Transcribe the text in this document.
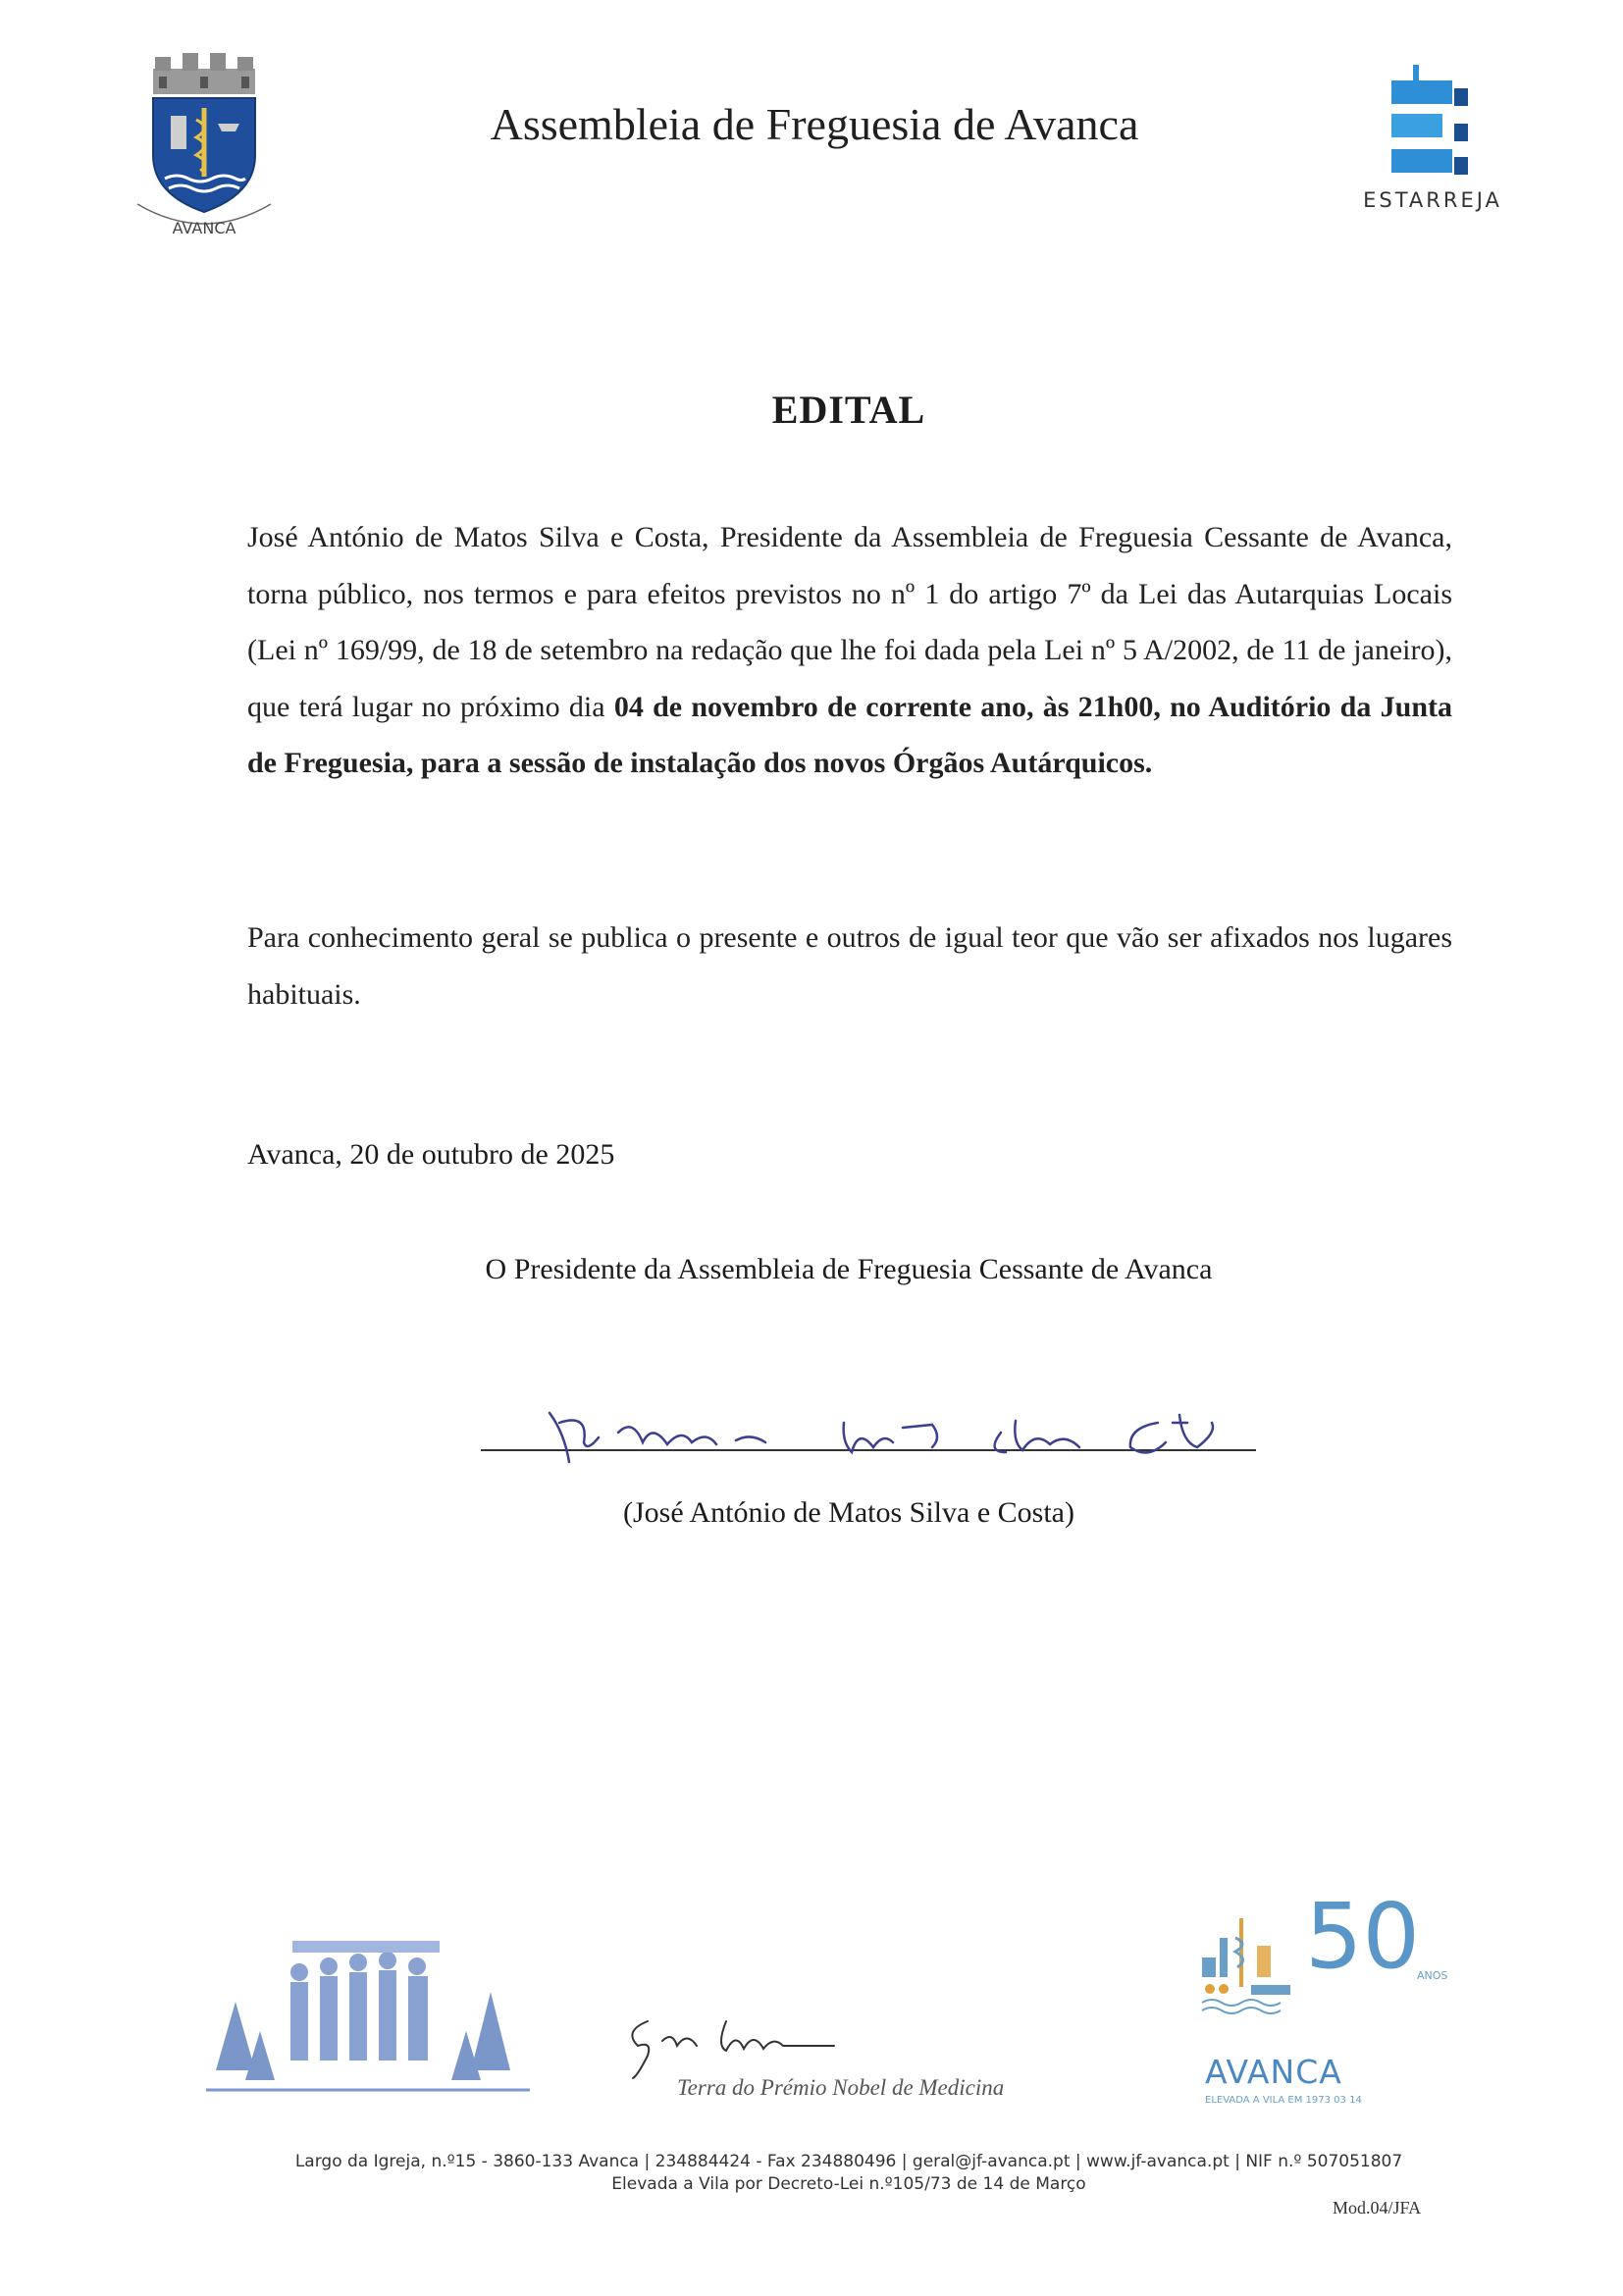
AVANCA
Assembleia de Freguesia de Avanca
ESTARREJA
EDITAL
José António de Matos Silva e Costa, Presidente da Assembleia de Freguesia Cessante de Avanca, torna público, nos termos e para efeitos previstos no nº 1 do artigo 7º da Lei das Autarquias Locais (Lei nº 169/99, de 18 de setembro na redação que lhe foi dada pela Lei nº 5 A/2002, de 11 de janeiro), que terá lugar no próximo dia 04 de novembro de corrente ano, às 21h00, no Auditório da Junta de Freguesia, para a sessão de instalação dos novos Órgãos Autárquicos.
Para conhecimento geral se publica o presente e outros de igual teor que vão ser afixados nos lugares habituais.
Avanca, 20 de outubro de 2025
O Presidente da Assembleia de Freguesia Cessante de Avanca
(José António de Matos Silva e Costa)
Terra do Prémio Nobel de Medicina
50
ANOS
AVANCA
ELEVADA A VILA EM 1973 03 14
Largo da Igreja, n.º15 - 3860-133 Avanca | 234884424 - Fax 234880496 | geral@jf-avanca.pt | www.jf-avanca.pt | NIF n.º 507051807
Elevada a Vila por Decreto-Lei n.º105/73 de 14 de Março
Mod.04/JFA
